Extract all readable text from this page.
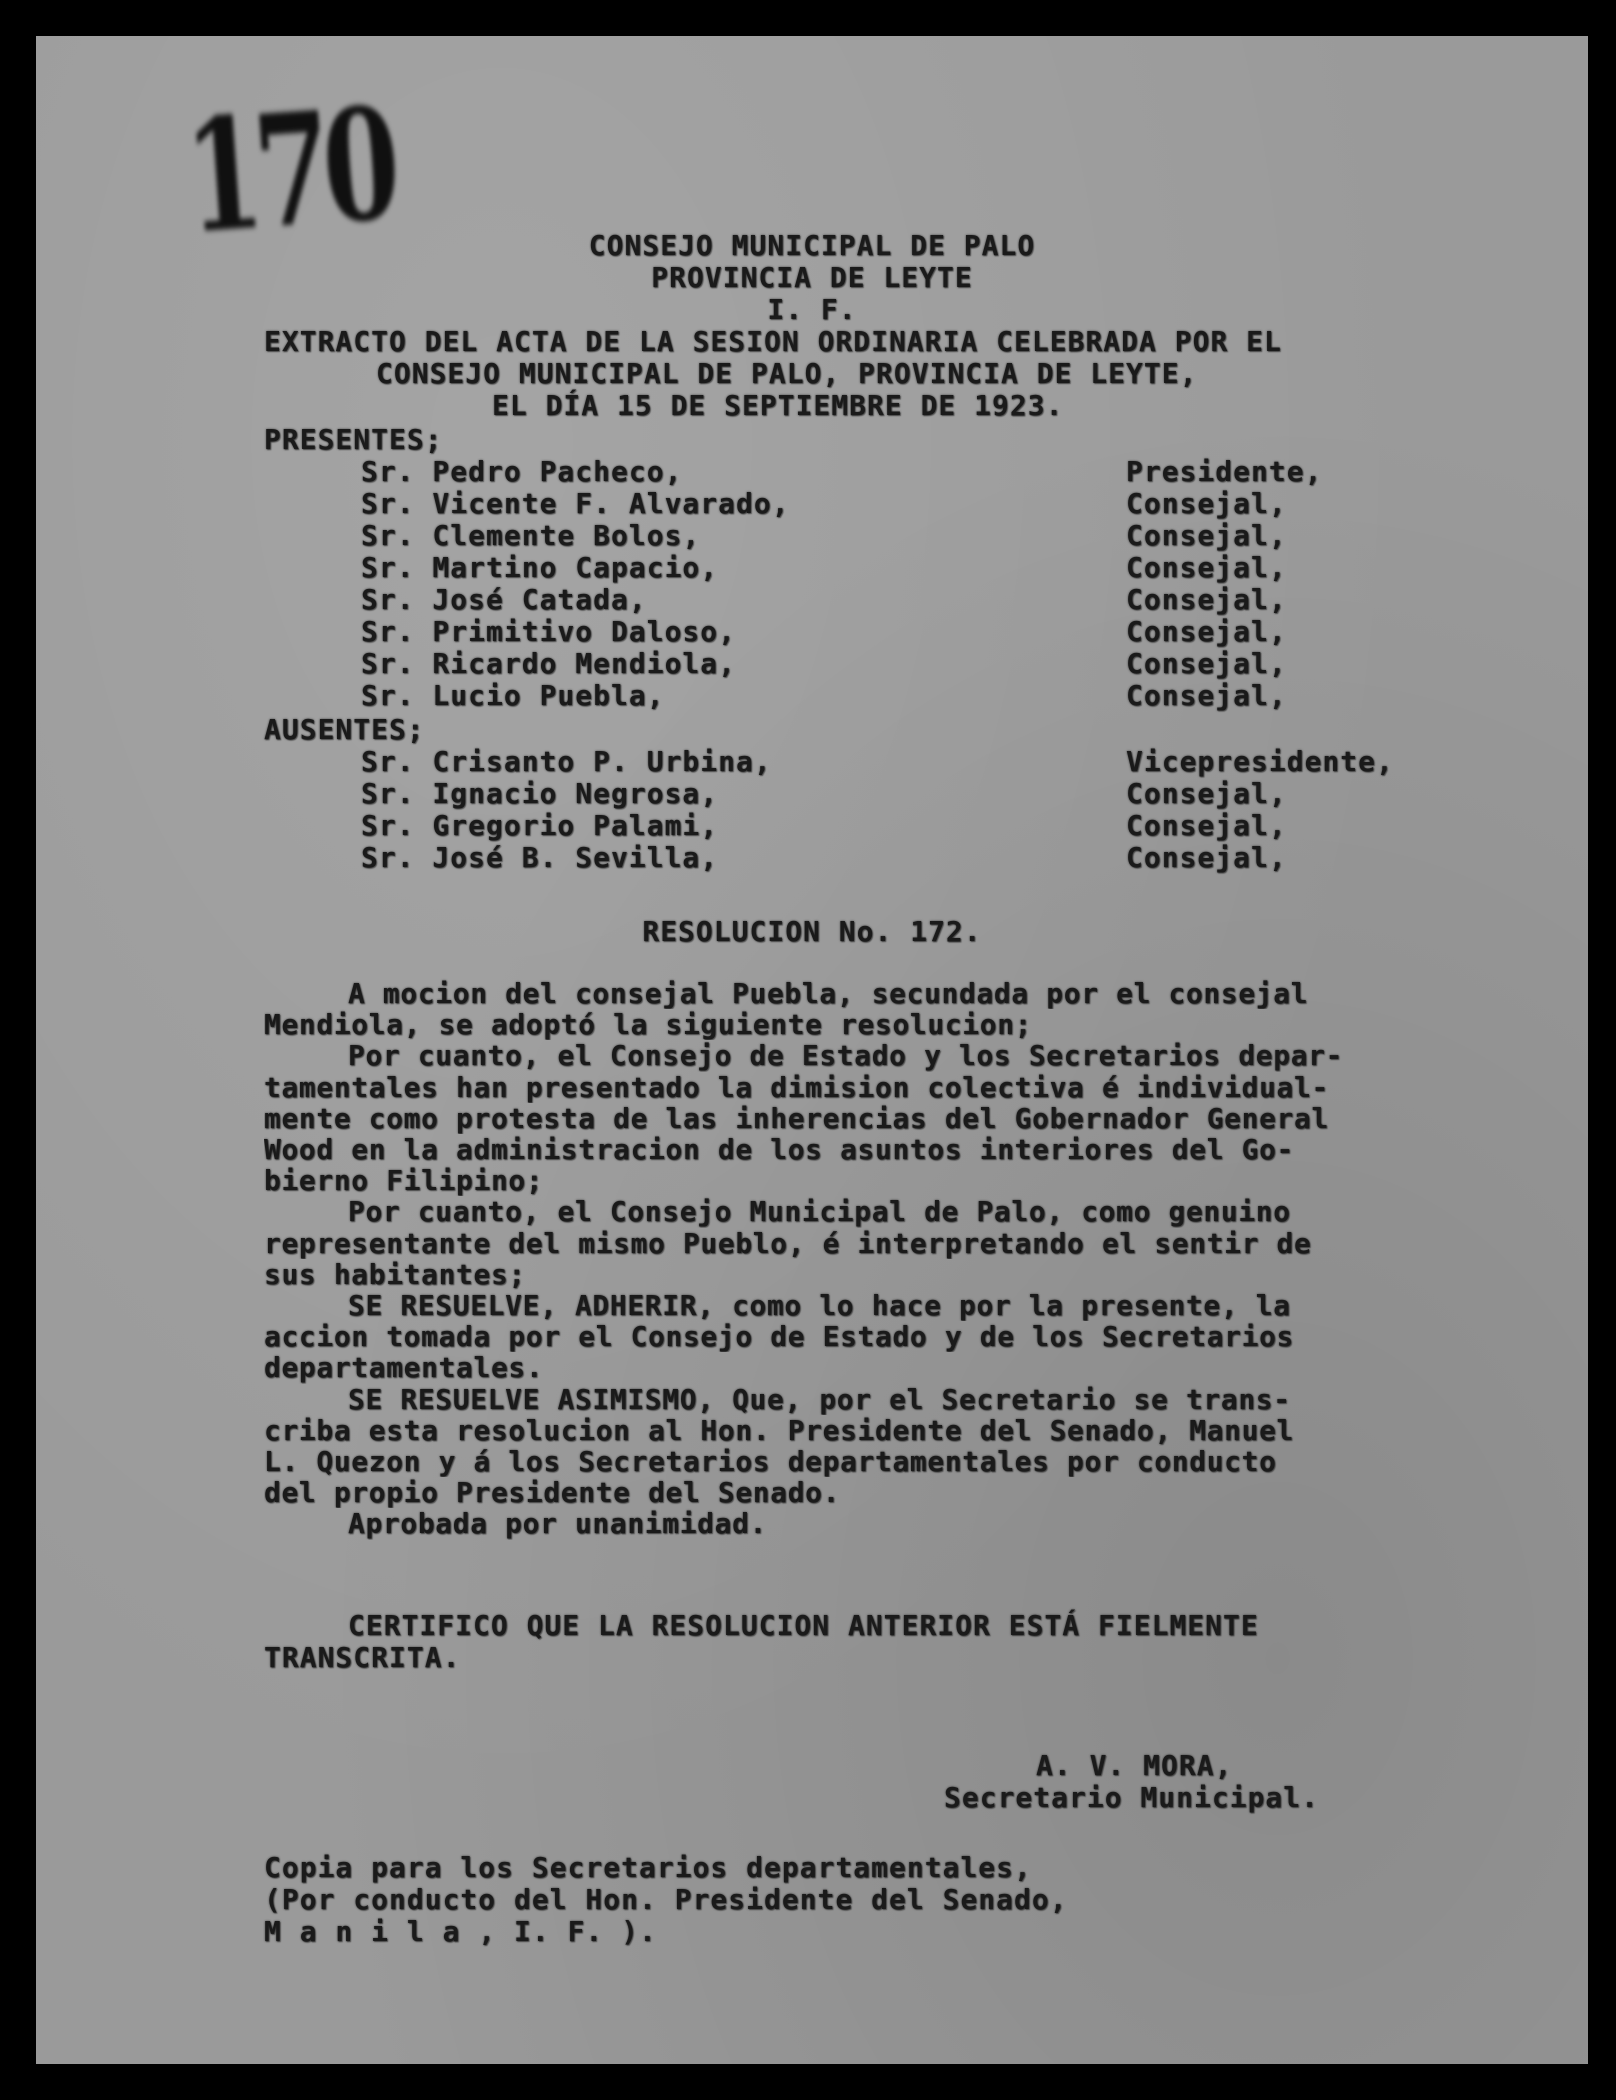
170	CONSEJO MUNICIPAL DE PALO
PROVINCIA DE LEYTE
I. F.
EXTRACTO DEL ACTA DE LA SESION ORDINARIA CELEBRADA POR EL
CONSEJO MUNICIPAL DE PALO, PROVINCIA DE LEYTE,
EL DÍA 15 DE SEPTIEMBRE DE 1923.
PRESENTES;
Sr. Pedro Pacheco,	Presidente,
Sr. Vicente F. Alvarado,	Consejal,
Sr. Clemente Bolos,	Consejal,
Sr. Martino Capacio,	Consejal,
Sr. José Catada,	Consejal,
Sr. Primitivo Daloso,	Consejal,
Sr. Ricardo Mendiola,	Consejal,
Sr. Lucio Puebla,	Consejal,
AUSENTES;
Sr. Crisanto P. Urbina,	Vicepresidente,
Sr. Ignacio Negrosa,	Consejal,
Sr. Gregorio Palami,	Consejal,
Sr. José B. Sevilla,	Consejal,
RESOLUCION No. 172.
A mocion del consejal Puebla, secundada por el consejal
Mendiola, se adoptó la siguiente resolucion;
Por cuanto, el Consejo de Estado y los Secretarios depar-
tamentales han presentado la dimision colectiva é individual-
mente como protesta de las inherencias del Gobernador General
Wood en la administracion de los asuntos interiores del Go-
bierno Filipino;
Por cuanto, el Consejo Municipal de Palo, como genuino
representante del mismo Pueblo, é interpretando el sentir de
sus habitantes;
SE RESUELVE, ADHERIR, como lo hace por la presente, la
accion tomada por el Consejo de Estado y de los Secretarios
departamentales.
SE RESUELVE ASIMISMO, Que, por el Secretario se trans-
criba esta resolucion al Hon. Presidente del Senado, Manuel
L. Quezon y á los Secretarios departamentales por conducto
del propio Presidente del Senado.
Aprobada por unanimidad.
CERTIFICO QUE LA RESOLUCION ANTERIOR ESTÁ FIELMENTE
TRANSCRITA.
A. V. MORA,
Secretario Municipal.
Copia para los Secretarios departamentales,
(Por conducto del Hon. Presidente del Senado,
M a n i l a , I. F. ).
